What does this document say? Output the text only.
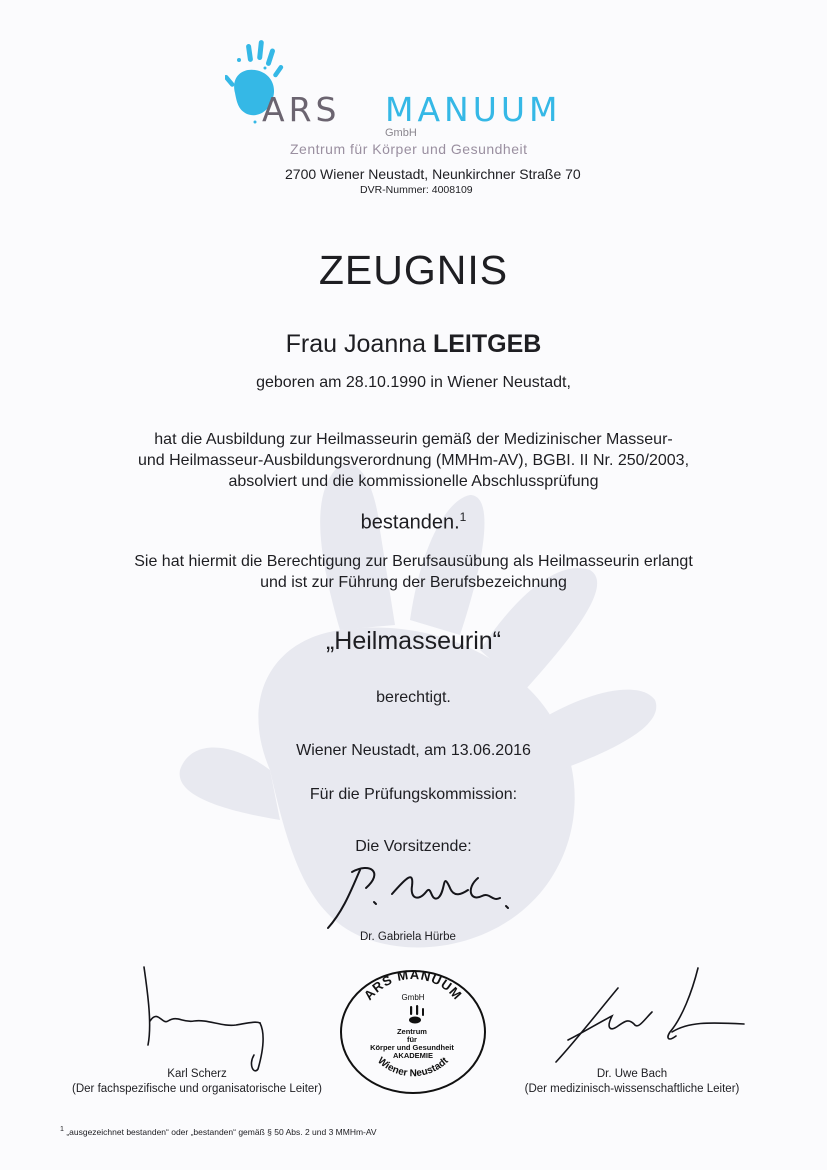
ARS MANUUM
GmbH
Zentrum für Körper und Gesundheit
2700 Wiener Neustadt, Neunkirchner Straße 70
DVR-Nummer: 4008109
ZEUGNIS
Frau Joanna LEITGEB
geboren am 28.10.1990 in Wiener Neustadt,
hat die Ausbildung zur Heilmasseurin gemäß der Medizinischer Masseur-
und Heilmasseur-Ausbildungsverordnung (MMHm-AV), BGBI. II Nr. 250/2003,
absolviert und die kommissionelle Abschlussprüfung
bestanden.$^1$
Sie hat hiermit die Berechtigung zur Berufsausübung als Heilmasseurin erlangt
und ist zur Führung der Berufsbezeichnung
„Heilmasseurin“
berechtigt.
Wiener Neustadt, am 13.06.2016
Für die Prüfungskommission:
Die Vorsitzende:
Dr. Gabriela Hürbe
Karl Scherz
(Der fachspezifische und organisatorische Leiter)
ARS MANUUM
GmbH
Zentrum für Körper und Gesundheit AKADEMIE
Wiener Neustadt
Dr. Uwe Bach
(Der medizinisch-wissenschaftliche Leiter)
$^1$ „ausgezeichnet bestanden“ oder „bestanden“ gemäß § 50 Abs. 2 und 3 MMHm-AV
